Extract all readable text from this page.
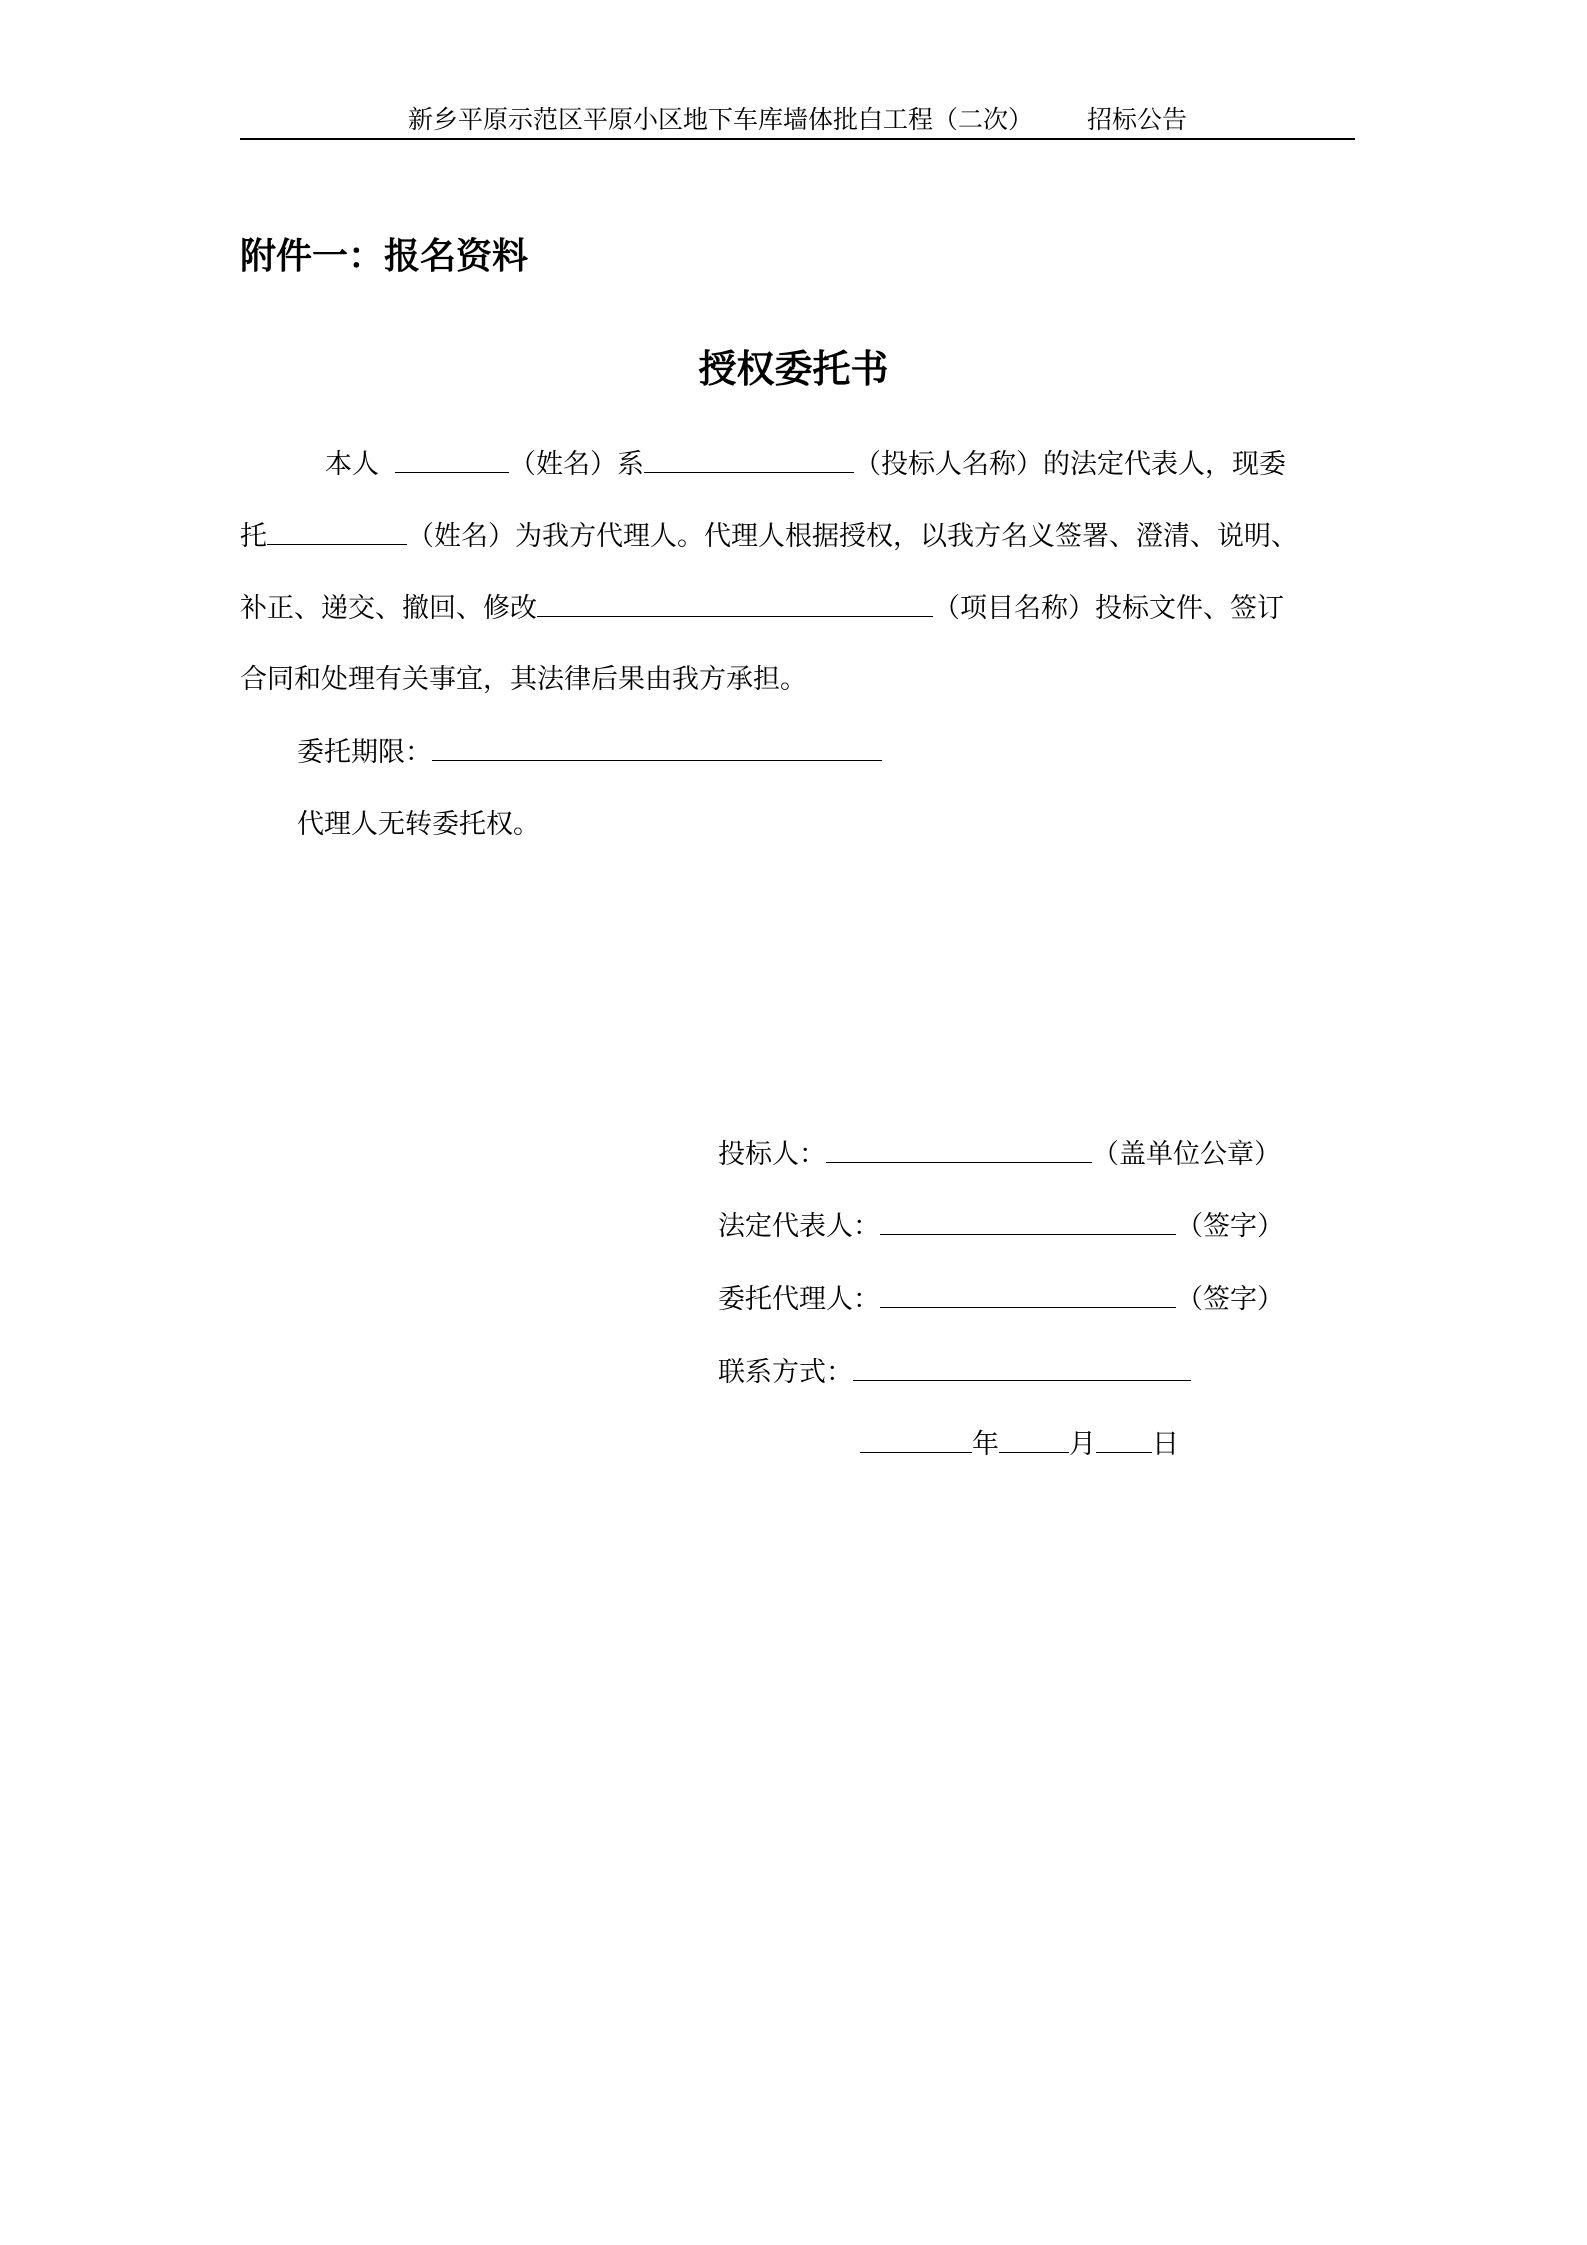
新乡平原示范区平原小区地下车库墙体批白工程（二次） 招标公告
附件一：报名资料
授权委托书
本人	（姓名）系	（投标人名称）的法定代表人，现委
托	（姓名）为我方代理人。代理人根据授权，以我方名义签署、澄清、说明、
补正、递交、撤回、修改	（项目名称）投标文件、签订
合同和处理有关事宜，其法律后果由我方承担。
委托期限：
代理人无转委托权。
投标人：	（盖单位公章）
法定代表人：	（签字）
委托代理人：	（签字）
联系方式：
年	月 日
